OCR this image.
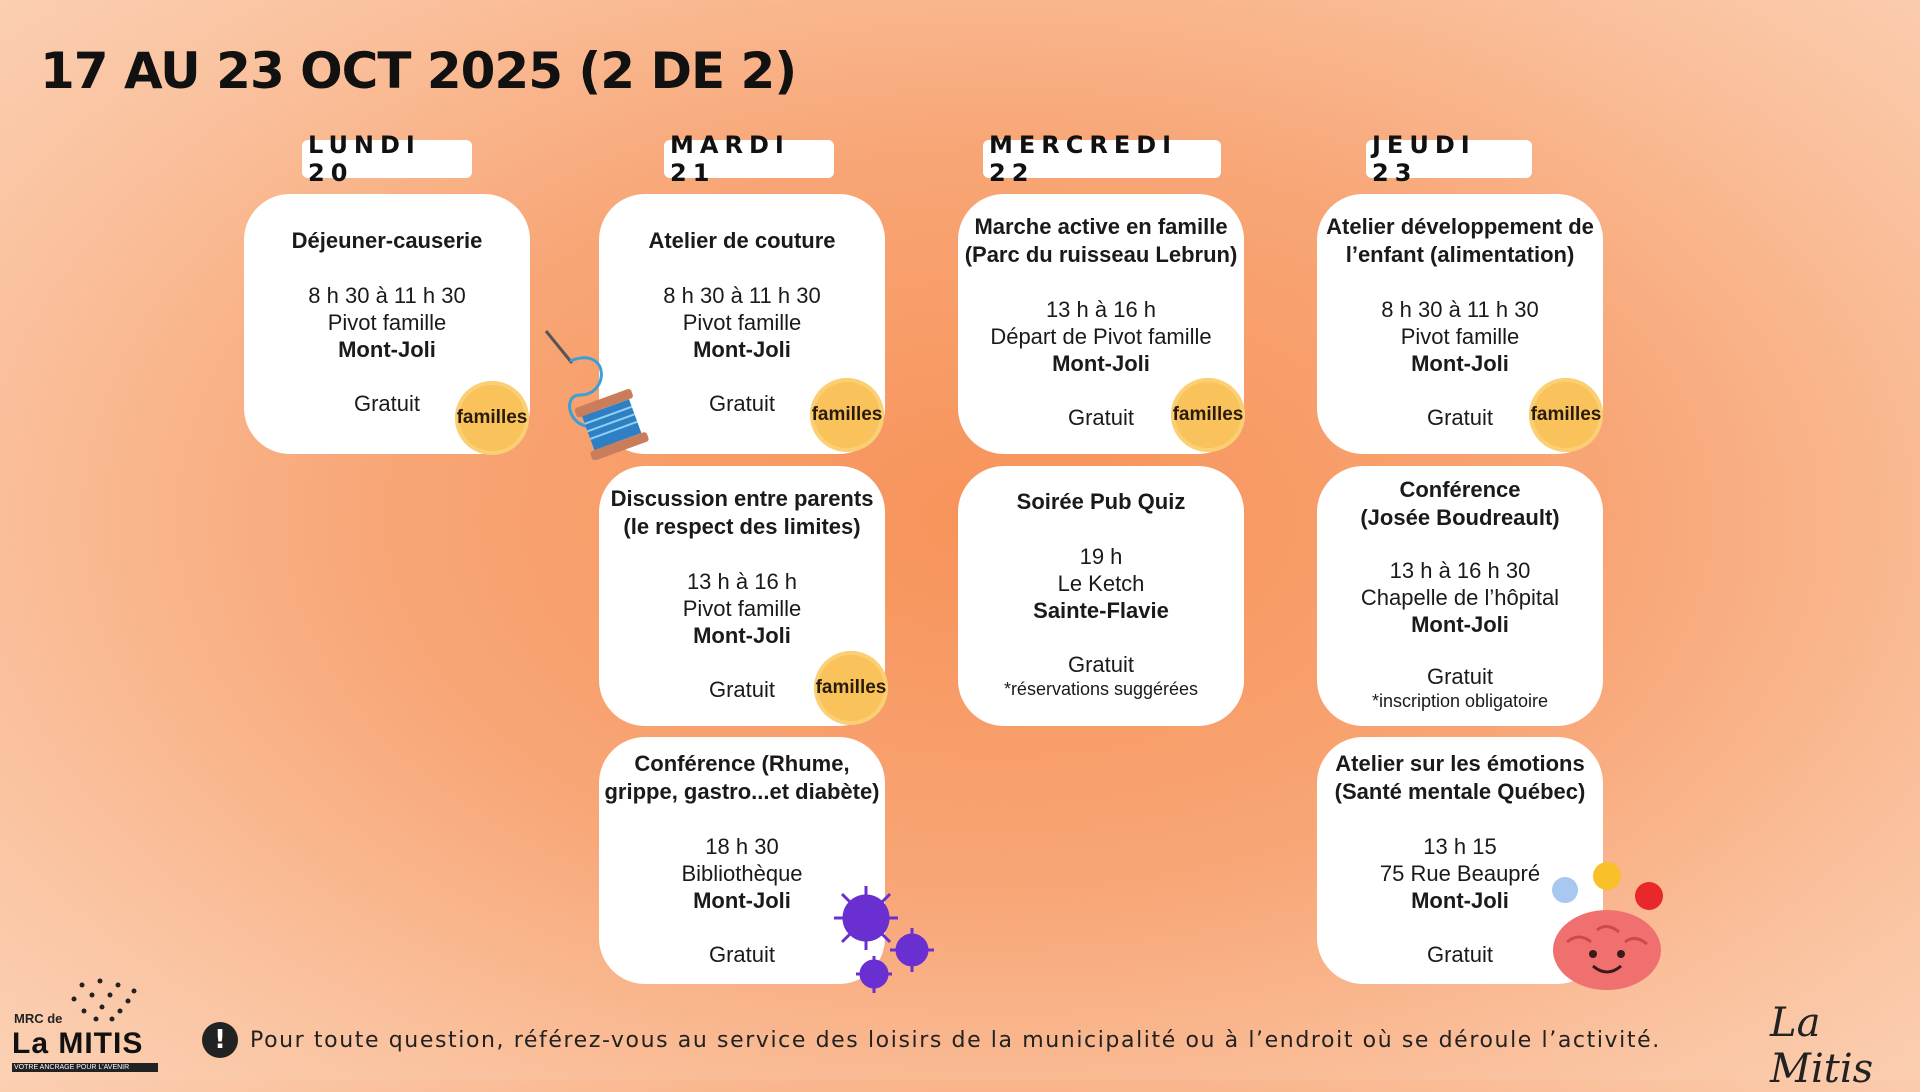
17 AU 23 OCT 2025 (2 DE 2)
LUNDI 20
MARDI 21
MERCREDI 22
JEUDI 23
Déjeuner-causerie
8 h 30 à 11 h 30
Pivot famille
Mont-Joli
Gratuit
familles
Atelier de couture
8 h 30 à 11 h 30
Pivot famille
Mont-Joli
Gratuit familles
Discussion entre parents
(le respect des limites)
13 h à 16 h
Pivot famille
Mont-Joli
Gratuit familles
Conférence (Rhume,
grippe, gastro...et diabète)
18 h 30
Bibliothèque
Mont-Joli
Gratuit
Marche active en famille
(Parc du ruisseau Lebrun)
13 h à 16 h
Départ de Pivot famille
Mont-Joli
Gratuit familles
Soirée Pub Quiz
19 h
Le Ketch
Sainte-Flavie
Gratuit
*réservations suggérées
Atelier développement de
l’enfant (alimentation)
8 h 30 à 11 h 30
Pivot famille
Mont-Joli
Gratuit familles
Conférence
(Josée Boudreault)
13 h à 16 h 30
Chapelle de l’hôpital
Mont-Joli
Gratuit
*inscription obligatoire
Atelier sur les émotions
(Santé mentale Québec)
13 h 15
75 Rue Beaupré
Mont-Joli
Gratuit
!	Pour toute question, référez-vous au service des loisirs de la municipalité ou à l’endroit où se déroule l’activité.
MRC de
La MITIS
VOTRE ANCRAGE POUR L'AVENIR
La Mitis
